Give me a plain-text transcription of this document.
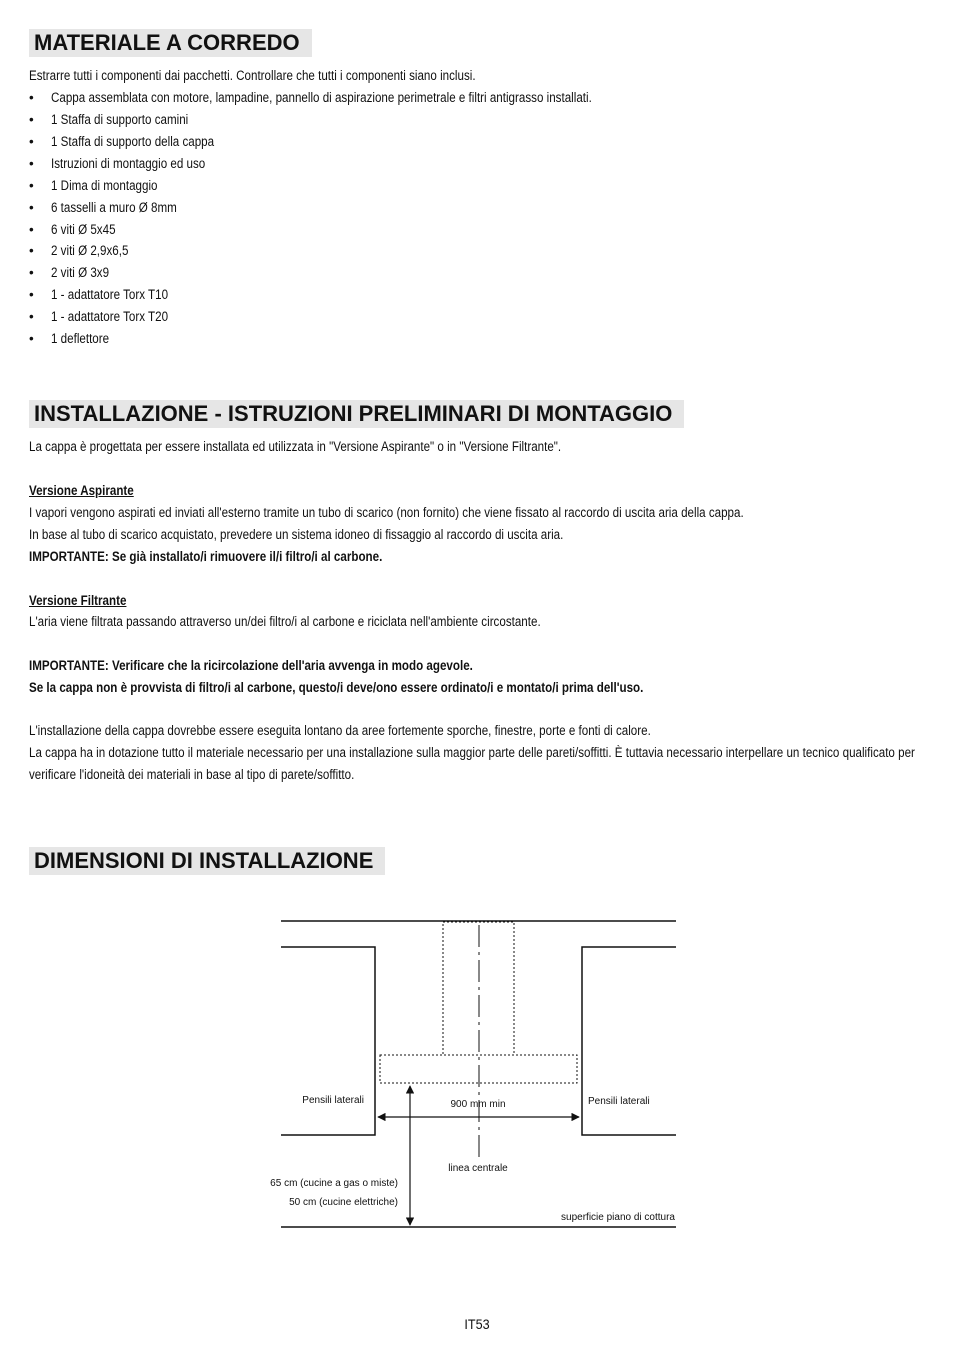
MATERIALE A CORREDO
Estrarre tutti i componenti dai pacchetti. Controllare che tutti i componenti siano inclusi.
• Cappa assemblata con motore, lampadine, pannello di aspirazione perimetrale e filtri antigrasso installati.
• 1 Staffa di supporto camini
• 1 Staffa di supporto della cappa
• Istruzioni di montaggio ed uso
• 1 Dima di montaggio
• 6 tasselli a muro Ø 8mm
• 6 viti Ø 5x45
• 2 viti Ø 2,9x6,5
• 2 viti Ø 3x9
• 1 - adattatore Torx T10
• 1 - adattatore Torx T20
• 1 deflettore
INSTALLAZIONE - ISTRUZIONI PRELIMINARI DI MONTAGGIO
La cappa è progettata per essere installata ed utilizzata in "Versione Aspirante" o in "Versione Filtrante".
Versione Aspirante
I vapori vengono aspirati ed inviati all'esterno tramite un tubo di scarico (non fornito) che viene fissato al raccordo di uscita aria della cappa.
In base al tubo di scarico acquistato, prevedere un sistema idoneo di fissaggio al raccordo di uscita aria.
IMPORTANTE: Se già installato/i rimuovere il/i filtro/i al carbone.
Versione Filtrante
L'aria viene filtrata passando attraverso un/dei filtro/i al carbone e riciclata nell'ambiente circostante.
IMPORTANTE: Verificare che la ricircolazione dell'aria avvenga in modo agevole.
Se la cappa non è provvista di filtro/i al carbone, questo/i deve/ono essere ordinato/i e montato/i prima dell'uso.
L'installazione della cappa dovrebbe essere eseguita lontano da aree fortemente sporche, finestre, porte e fonti di calore.
La cappa ha in dotazione tutto il materiale necessario per una installazione sulla maggior parte delle pareti/soffitti. È tuttavia necessario interpellare un tecnico qualificato per verificare l'idoneità dei materiali in base al tipo di parete/soffitto.
DIMENSIONI DI INSTALLAZIONE
Pensili laterali	Pensili laterali
900 mm min
linea centrale
65 cm (cucine a gas o miste)
50 cm (cucine elettriche)
superficie piano di cottura
IT53
